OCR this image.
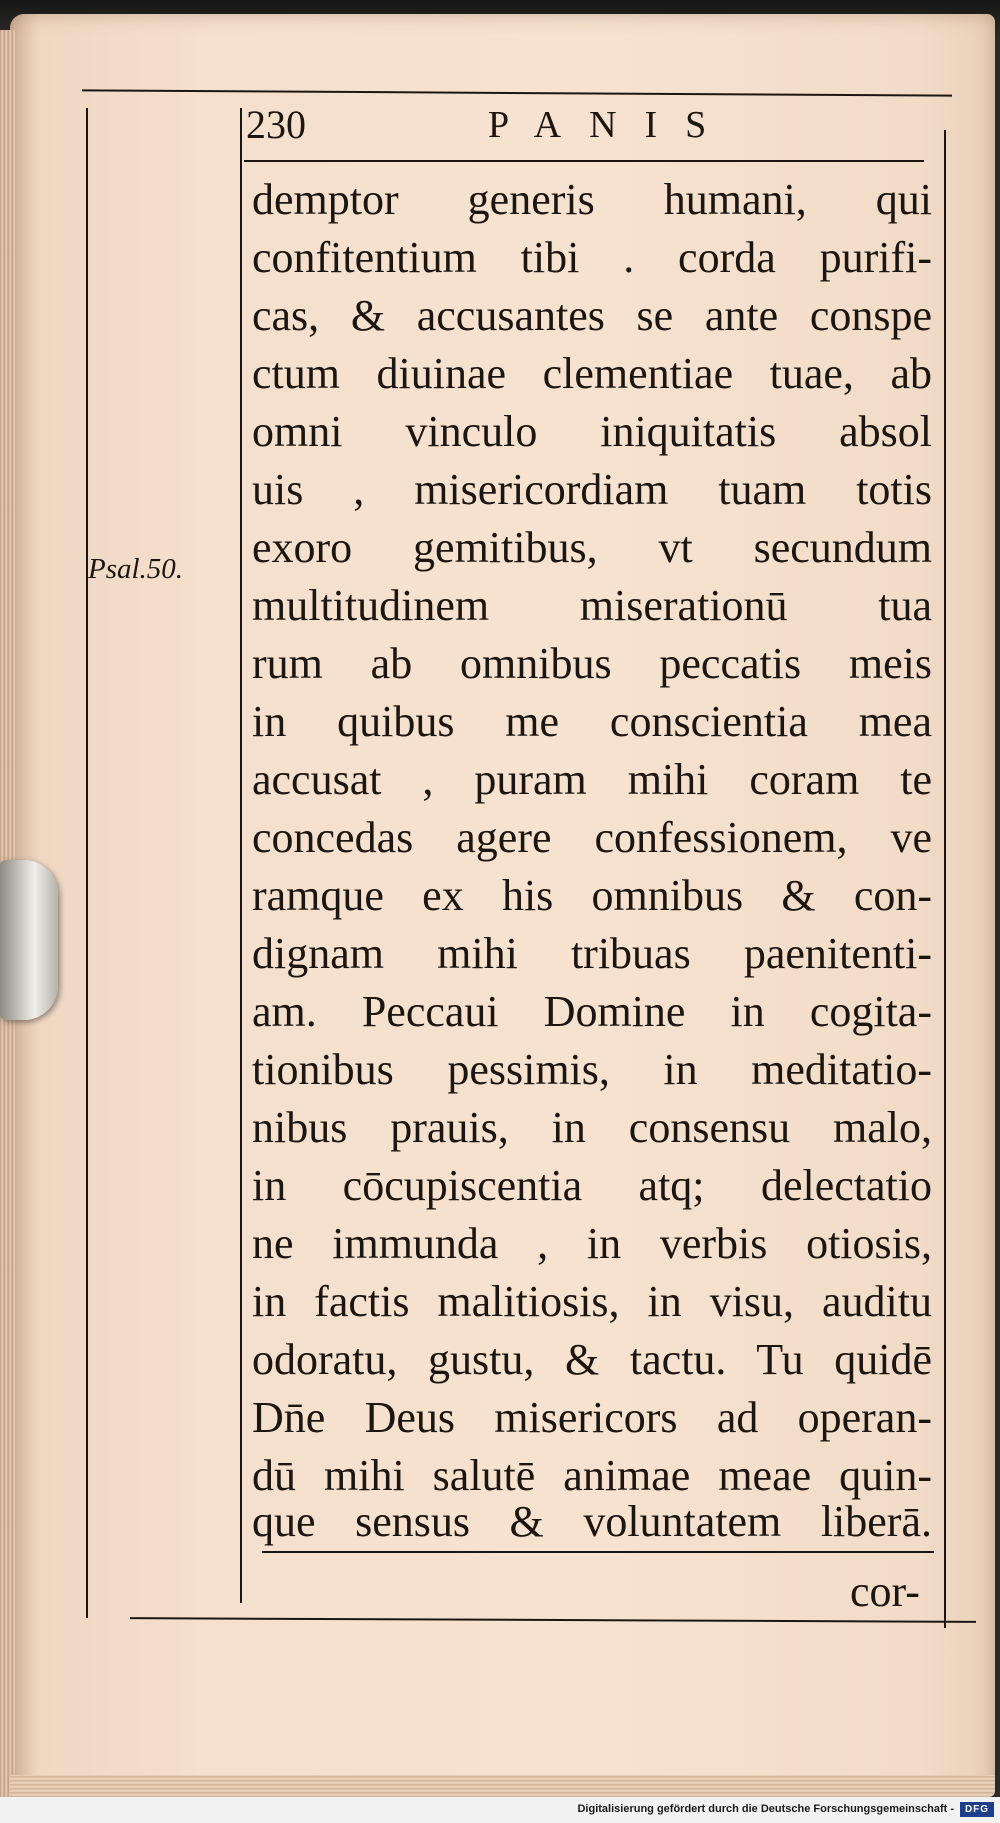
230	PANIS
Psal.50.
demptor generis humani, qui
confitentium tibi . corda purifi-
cas, & accusantes se ante conspe
ctum diuinae clementiae tuae, ab
omni vinculo iniquitatis absol
uis , misericordiam tuam totis
exoro gemitibus, vt secundum
multitudinem miserationū tua
rum ab omnibus peccatis meis
in quibus me conscientia mea
accusat , puram mihi coram te
concedas agere confessionem, ve
ramque ex his omnibus & con-
dignam mihi tribuas paenitenti-
am. Peccaui Domine in cogita-
tionibus pessimis, in meditatio-
nibus prauis, in consensu malo,
in cōcupiscentia atq; delectatio
ne immunda , in verbis otiosis,
in factis malitiosis, in visu, auditu
odoratu, gustu, & tactu. Tu quidē
Dn̄e Deus misericors ad operan-
dū mihi salutē animae meae quin-
que sensus & voluntatem liberā.
cor-
Digitalisierung gefördert durch die Deutsche Forschungsgemeinschaft -	DFG
